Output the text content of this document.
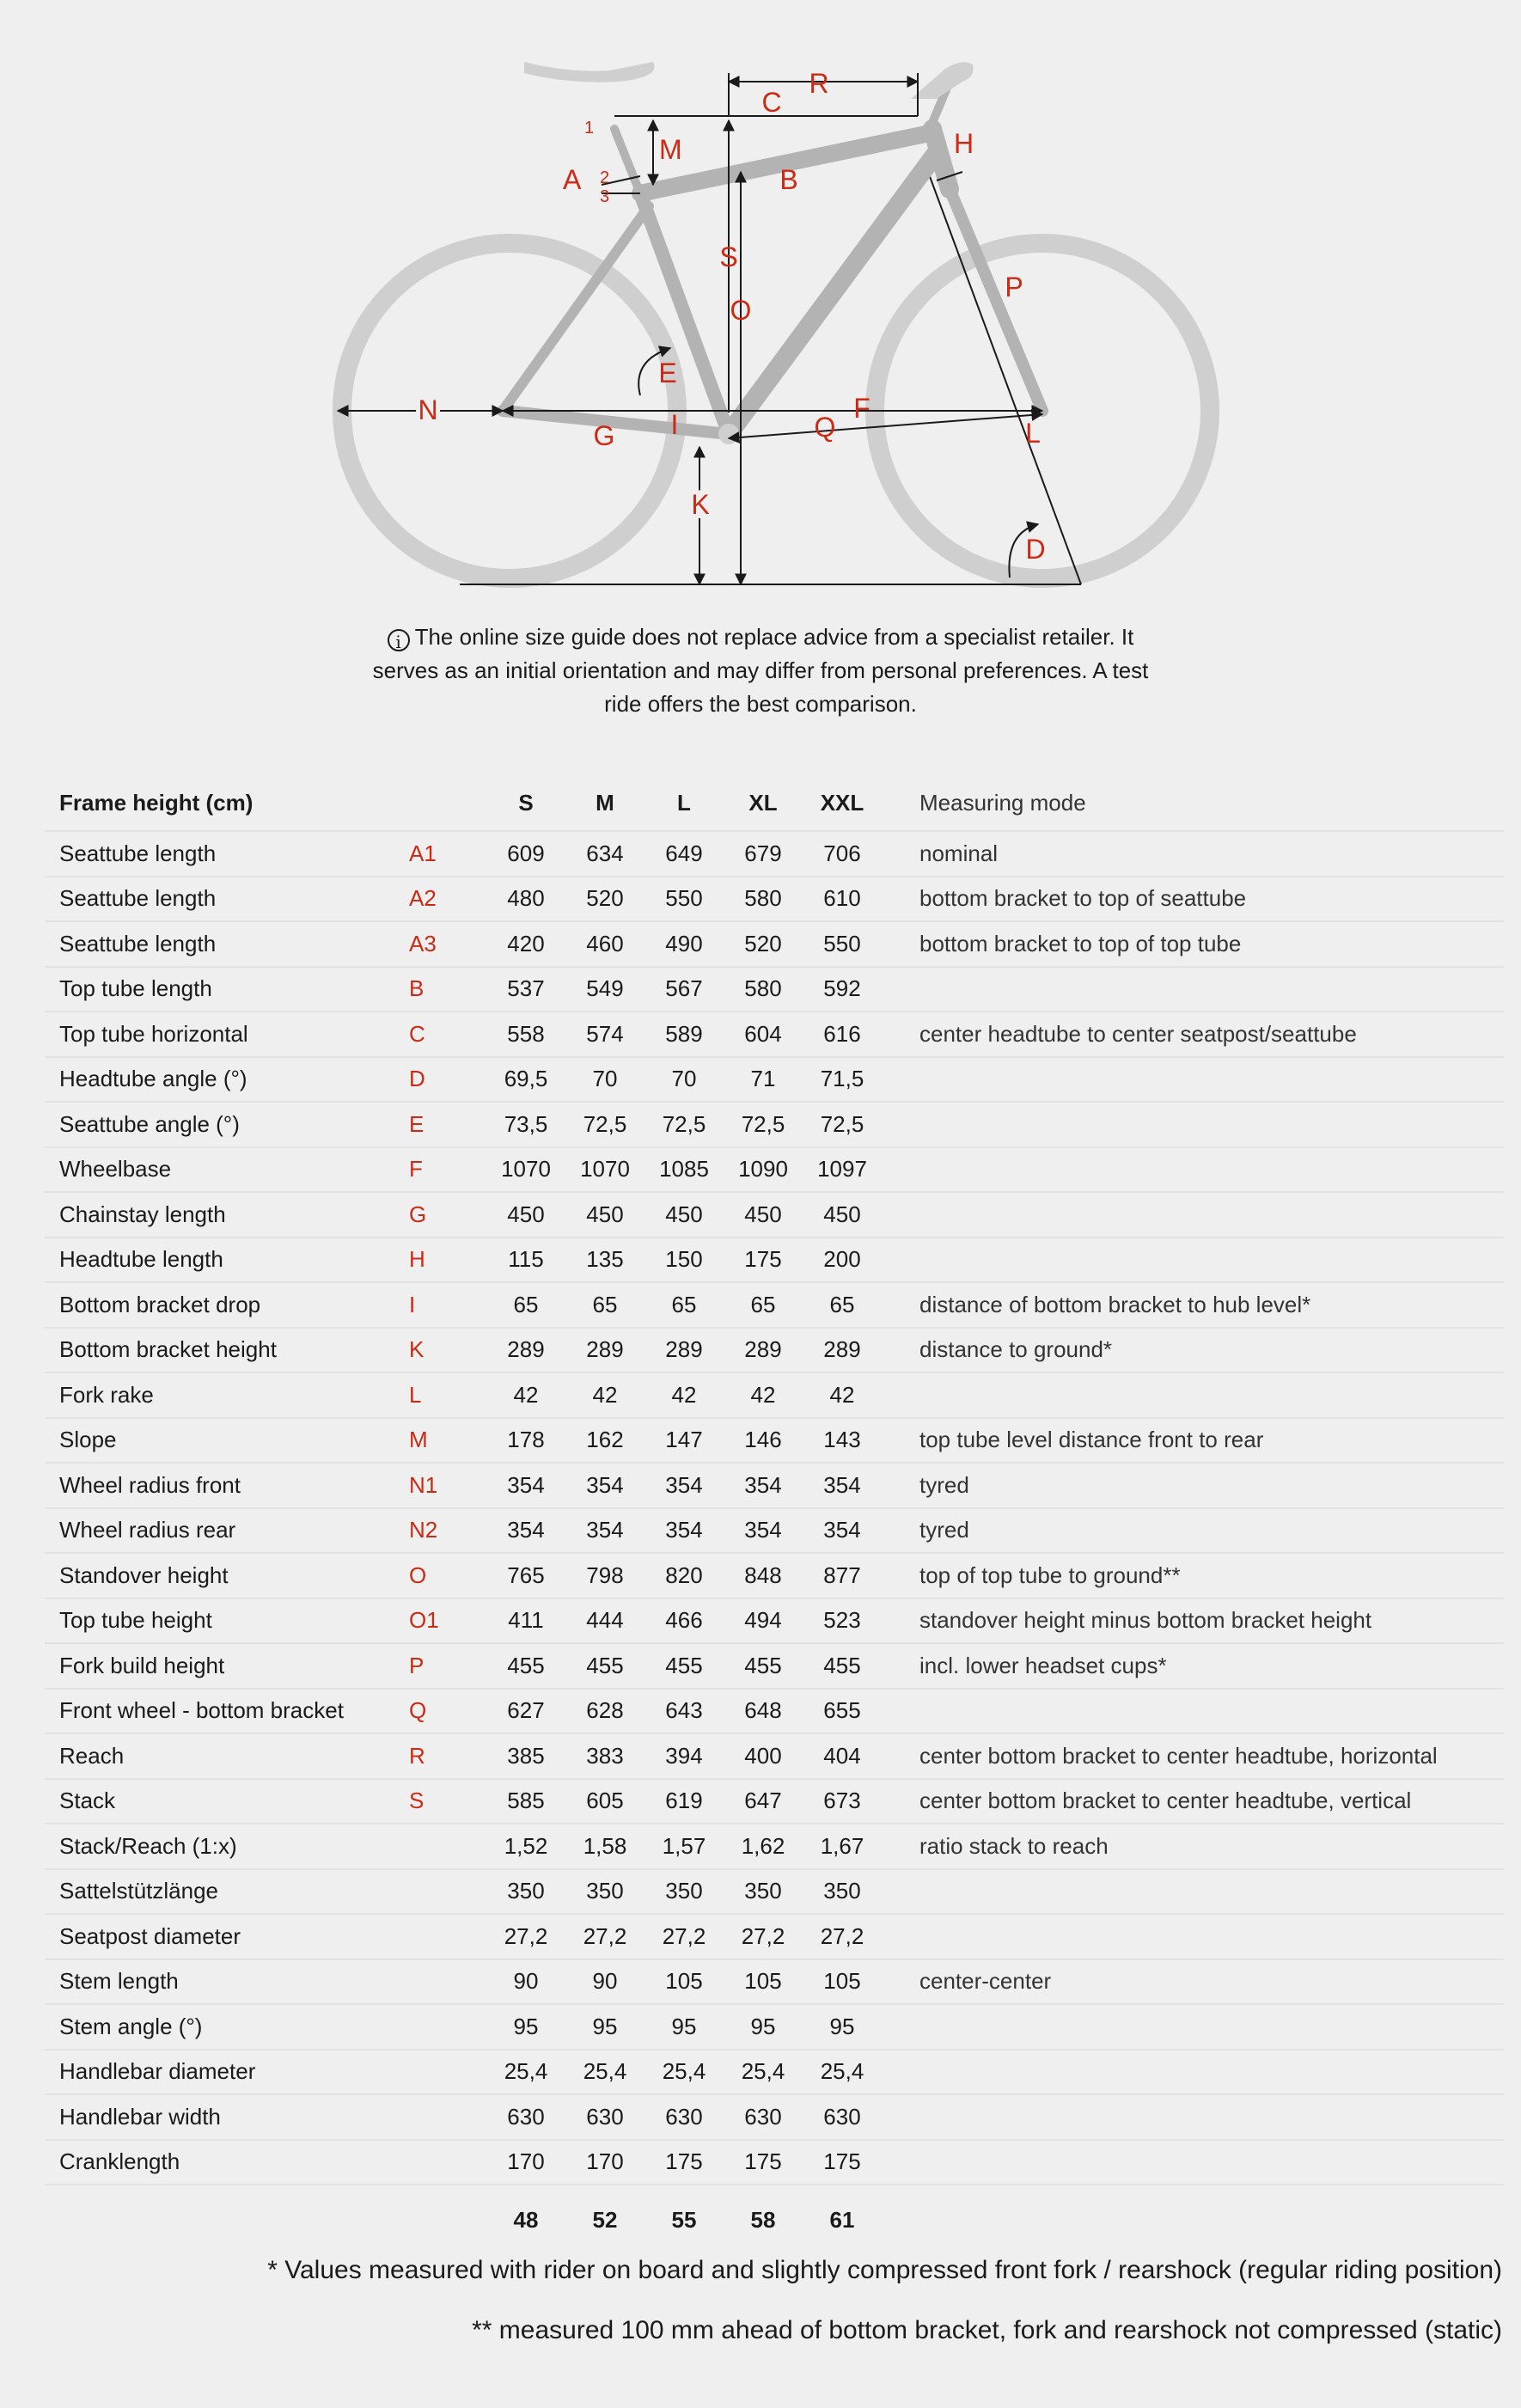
R
C
H
M
A	B
S
O
P
E
N	F
Q	L
G I
K
D
1
2
3
i The online size guide does not replace advice from a specialist retailer. It serves as an initial orientation and may differ from personal preferences. A test ride offers the best comparison.
Frame height (cm)		S	M	L	XL	XXL	Measuring mode
Seattube length	A1	609	634	649	679	706	nominal
Seattube length	A2	480	520	550	580	610	bottom bracket to top of seattube
Seattube length	A3	420	460	490	520	550	bottom bracket to top of top tube
Top tube length	B	537	549	567	580	592	
Top tube horizontal	C	558	574	589	604	616	center headtube to center seatpost/seattube
Headtube angle (°)	D	69,5	70	70	71	71,5	
Seattube angle (°)	E	73,5	72,5	72,5	72,5	72,5	
Wheelbase	F	1070	1070	1085	1090	1097	
Chainstay length	G	450	450	450	450	450	
Headtube length	H	115	135	150	175	200	
Bottom bracket drop	I	65	65	65	65	65	distance of bottom bracket to hub level*
Bottom bracket height	K	289	289	289	289	289	distance to ground*
Fork rake	L	42	42	42	42	42	
Slope	M	178	162	147	146	143	top tube level distance front to rear
Wheel radius front	N1	354	354	354	354	354	tyred
Wheel radius rear	N2	354	354	354	354	354	tyred
Standover height	O	765	798	820	848	877	top of top tube to ground**
Top tube height	O1	411	444	466	494	523	standover height minus bottom bracket height
Fork build height	P	455	455	455	455	455	incl. lower headset cups*
Front wheel - bottom bracket	Q	627	628	643	648	655	
Reach	R	385	383	394	400	404	center bottom bracket to center headtube, horizontal
Stack	S	585	605	619	647	673	center bottom bracket to center headtube, vertical
Stack/Reach (1:x)		1,52	1,58	1,57	1,62	1,67	ratio stack to reach
Sattelstützlänge		350	350	350	350	350	
Seatpost diameter		27,2	27,2	27,2	27,2	27,2	
Stem length		90	90	105	105	105	center-center
Stem angle (°)		95	95	95	95	95	
Handlebar diameter		25,4	25,4	25,4	25,4	25,4	
Handlebar width		630	630	630	630	630	
Cranklength		170	170	175	175	175	
		48	52	55	58	61	
* Values measured with rider on board and slightly compressed front fork / rearshock (regular riding position)
** measured 100 mm ahead of bottom bracket, fork and rearshock not compressed (static)
